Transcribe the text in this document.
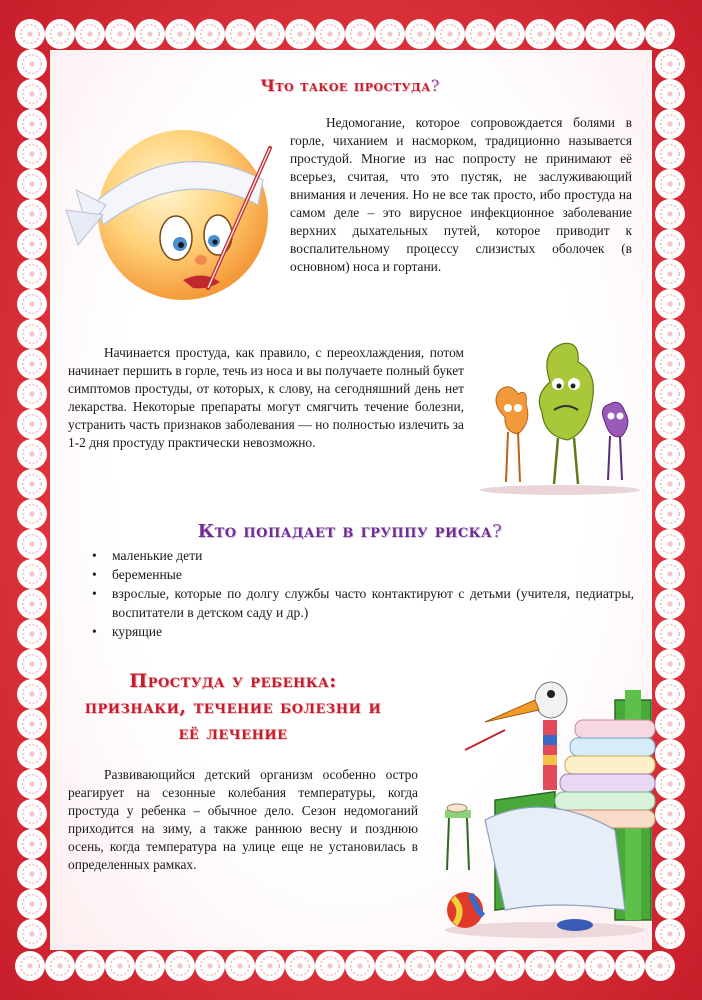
Что такое простуда?

Недомогание, которое сопровождается болями в горле, чиханием и насморком, традиционно называется простудой. Многие из нас попросту не принимают её всерьез, считая, что это пустяк, не заслуживающий внимания и лечения. Но не все так просто, ибо простуда на самом деле – это вирусное инфекционное заболевание верхних дыхательных путей, которое приводит к воспалительному процессу слизистых оболочек (в основном) носа и гортани.

Начинается простуда, как правило, с переохлаждения, потом начинает першить в горле, течь из носа и вы получаете полный букет симптомов простуды, от которых, к слову, на сегодняшний день нет лекарства. Некоторые препараты могут смягчить течение болезни, устранить часть признаков заболевания — но полностью излечить за 1-2 дня простуду практически невозможно.

Кто попадает в группу риска?
• маленькие дети
• беременные
• взрослые, которые по долгу службы часто контактируют с детьми (учителя, педиатры, воспитатели в детском саду и др.)
• курящие
Простуда у ребенка:
признаки, течение болезни и
её лечение

Развивающийся детский организм особенно остро реагирует на сезонные колебания температуры, когда простуда у ребенка – обычное дело. Сезон недомоганий приходится на зиму, а также раннюю весну и позднюю осень, когда температура на улице еще не установилась в определенных рамках.
